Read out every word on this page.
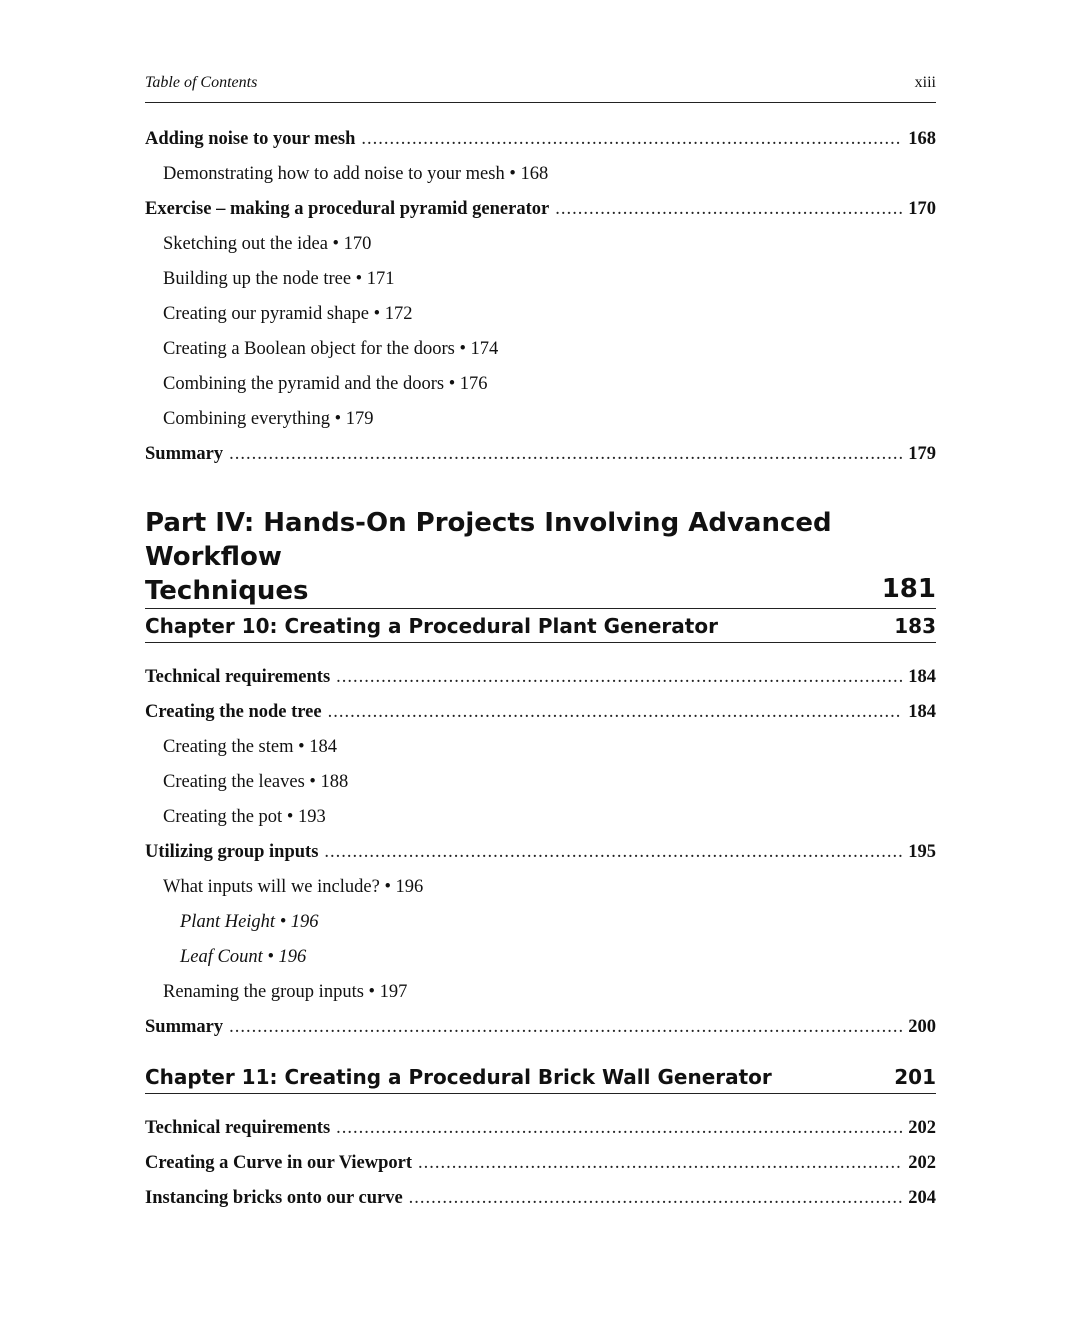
Table of Contents	xiii
Adding noise to your mesh .....	168
Demonstrating how to add noise to your mesh • 168
Exercise – making a procedural pyramid generator .....	170
Sketching out the idea • 170
Building up the node tree • 171
Creating our pyramid shape • 172
Creating a Boolean object for the doors • 174
Combining the pyramid and the doors • 176
Combining everything • 179
Summary .....	179
Part IV: Hands-On Projects Involving Advanced Workflow
Techniques	181
Chapter 10: Creating a Procedural Plant Generator	183
Technical requirements .....	184
Creating the node tree .....	184
Creating the stem • 184
Creating the leaves • 188
Creating the pot • 193
Utilizing group inputs .....	195
What inputs will we include? • 196
Plant Height • 196
Leaf Count • 196
Renaming the group inputs • 197
Summary .....	200
Chapter 11: Creating a Procedural Brick Wall Generator	201
Technical requirements .....	202
Creating a Curve in our Viewport .....	202
Instancing bricks onto our curve .....	204
